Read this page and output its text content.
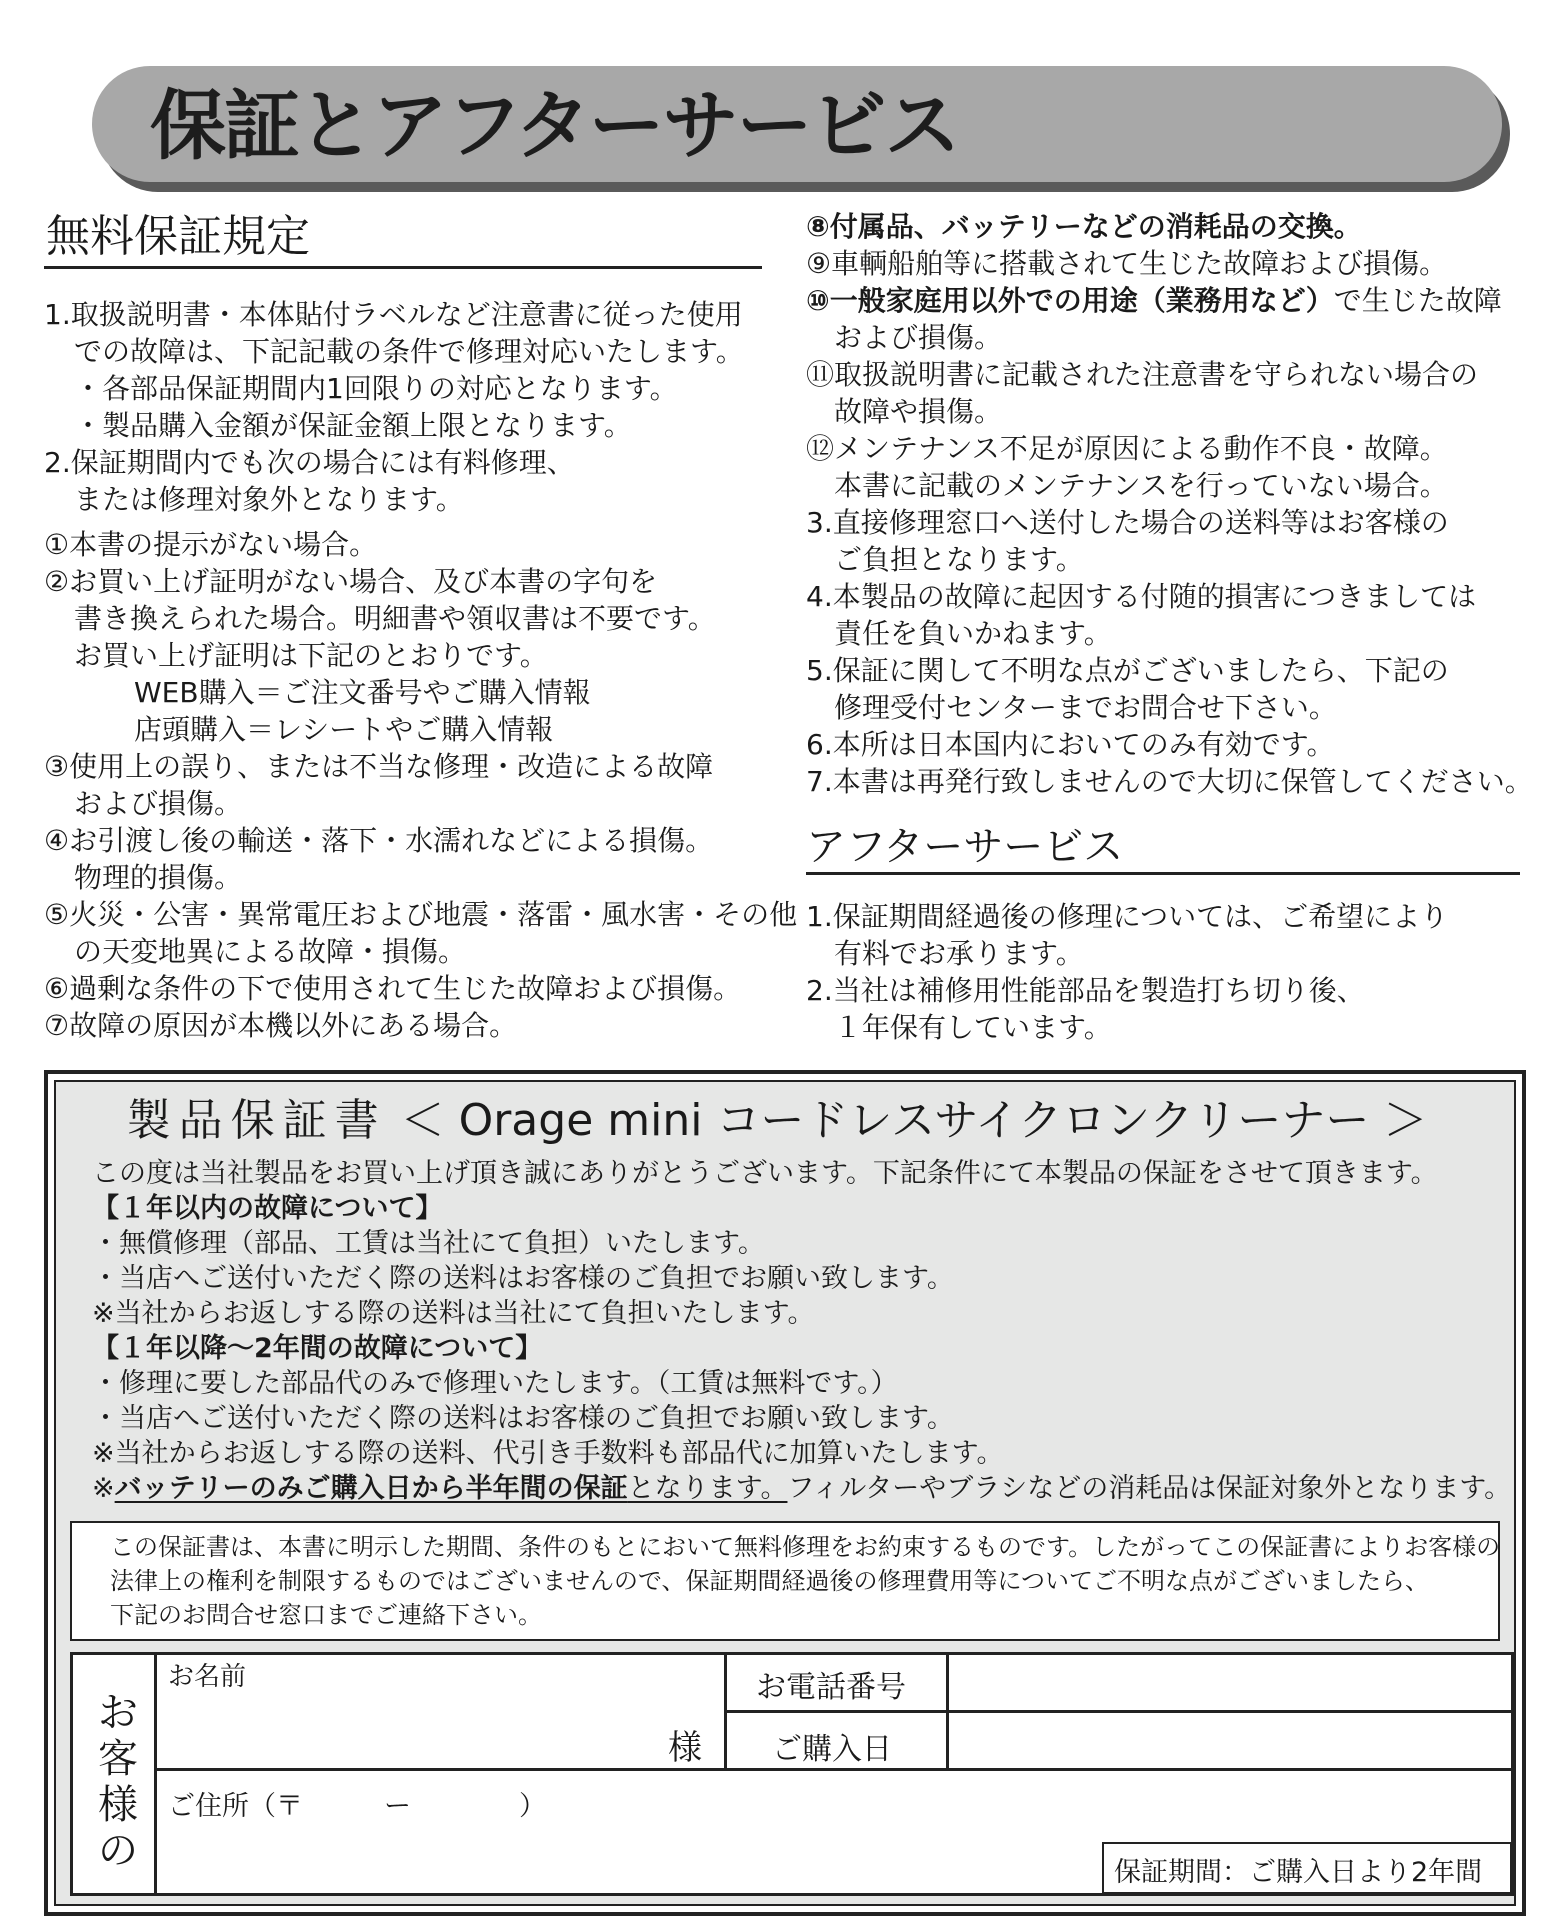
保証とアフターサービス
無料保証規定
1.取扱説明書・本体貼付ラベルなど注意書に従った使用
での故障は、下記記載の条件で修理対応いたします。
・各部品保証期間内1回限りの対応となります。
・製品購入金額が保証金額上限となります。
2.保証期間内でも次の場合には有料修理、
または修理対象外となります。
①本書の提示がない場合。
②お買い上げ証明がない場合、及び本書の字句を
書き換えられた場合。明細書や領収書は不要です。
お買い上げ証明は下記のとおりです。
WEB購入＝ご注文番号やご購入情報
店頭購入＝レシートやご購入情報
③使用上の誤り、または不当な修理・改造による故障
および損傷。
④お引渡し後の輸送・落下・水濡れなどによる損傷。
物理的損傷。
⑤火災・公害・異常電圧および地震・落雷・風水害・その他
の天変地異による故障・損傷。
⑥過剰な条件の下で使用されて生じた故障および損傷。
⑦故障の原因が本機以外にある場合。
⑧付属品、バッテリーなどの消耗品の交換。
⑨車輌船舶等に搭載されて生じた故障および損傷。
⑩一般家庭用以外での用途（業務用など）で生じた故障
および損傷。
⑪取扱説明書に記載された注意書を守られない場合の
故障や損傷。
⑫メンテナンス不足が原因による動作不良・故障。
本書に記載のメンテナンスを行っていない場合。
3.直接修理窓口へ送付した場合の送料等はお客様の
ご負担となります。
4.本製品の故障に起因する付随的損害につきましては
責任を負いかねます。
5.保証に関して不明な点がございましたら、下記の
修理受付センターまでお問合せ下さい。
6.本所は日本国内においてのみ有効です。
7.本書は再発行致しませんので大切に保管してください。
アフターサービス
1.保証期間経過後の修理については、ご希望により
有料でお承ります。
2.当社は補修用性能部品を製造打ち切り後、
１年保有しています。
製品保証書 ＜ Orage mini コードレスサイクロンクリーナー ＞
この度は当社製品をお買い上げ頂き誠にありがとうございます。下記条件にて本製品の保証をさせて頂きます。
【１年以内の故障について】
・無償修理（部品、工賃は当社にて負担）いたします。
・当店へご送付いただく際の送料はお客様のご負担でお願い致します。
※当社からお返しする際の送料は当社にて負担いたします。
【１年以降～2年間の故障について】
・修理に要した部品代のみで修理いたします。（工賃は無料です。）
・当店へご送付いただく際の送料はお客様のご負担でお願い致します。
※当社からお返しする際の送料、代引き手数料も部品代に加算いたします。
※バッテリーのみご購入日から半年間の保証となります。フィルターやブラシなどの消耗品は保証対象外となります。
この保証書は、本書に明示した期間、条件のもとにおいて無料修理をお約束するものです。したがってこの保証書によりお客様の
法律上の権利を制限するものではございませんので、保証期間経過後の修理費用等についてご不明な点がございましたら、
下記のお問合せ窓口までご連絡下さい。
お
客
様
の
お名前
様
お電話番号
ご購入日
ご住所（〒　　　ー　　　　）
保証期間：ご購入日より2年間
